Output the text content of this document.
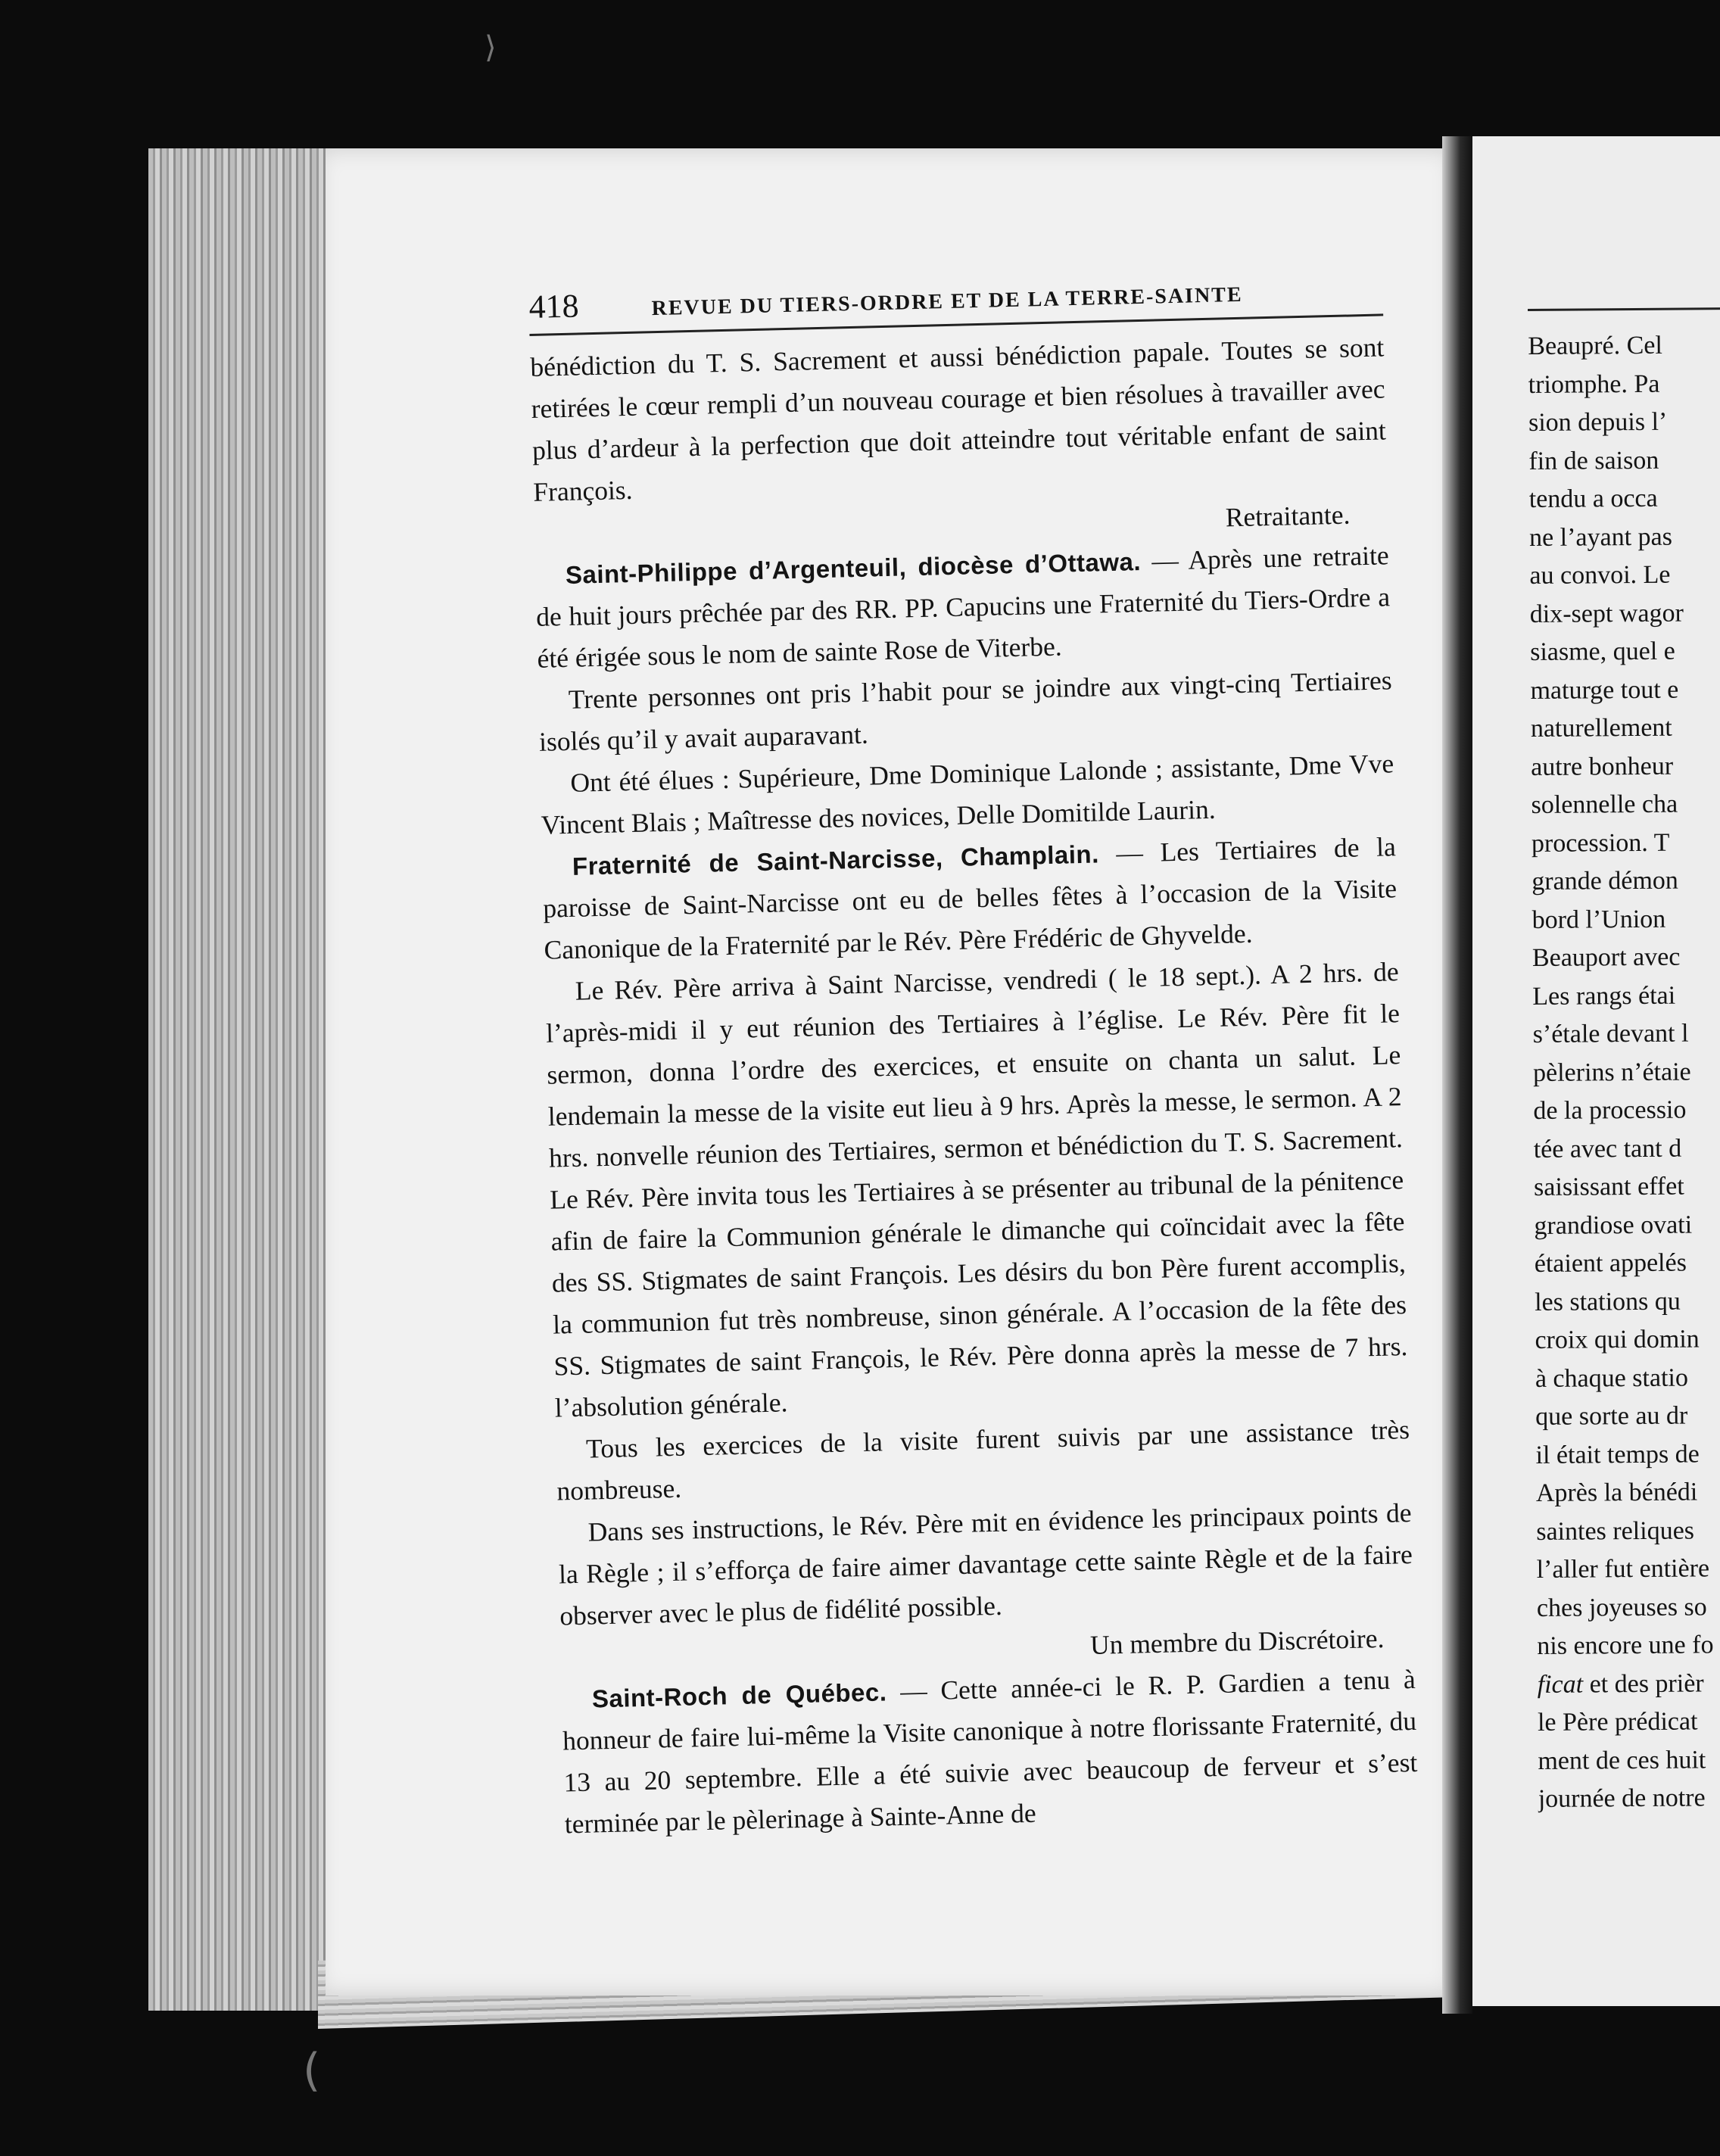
⟩
(
418	REVUE DU TIERS-ORDRE ET DE LA TERRE-SAINTE

bénédiction du T. S. Sacrement et aussi bénédiction papale. Toutes se sont retirées le cœur rempli d’un nouveau courage et bien résolues à travailler avec plus d’ardeur à la perfection que doit atteindre tout véritable enfant de saint François.

Retraitante.

Saint-Philippe d’Argenteuil, diocèse d’Ottawa. — Après une retraite de huit jours prêchée par des RR. PP. Capucins une Fraternité du Tiers-Ordre a été érigée sous le nom de sainte Rose de Viterbe.

Trente personnes ont pris l’habit pour se joindre aux vingt-cinq Tertiaires isolés qu’il y avait auparavant.

Ont été élues : Supérieure, Dme Dominique Lalonde ; assistante, Dme Vve Vincent Blais ; Maîtresse des novices, Delle Domitilde Laurin.

Fraternité de Saint-Narcisse, Champlain. — Les Tertiaires de la paroisse de Saint-Narcisse ont eu de belles fêtes à l’occasion de la Visite Canonique de la Fraternité par le Rév. Père Frédéric de Ghyvelde.

Le Rév. Père arriva à Saint Narcisse, vendredi ( le 18 sept.). A 2 hrs. de l’après-midi il y eut réunion des Tertiaires à l’église. Le Rév. Père fit le sermon, donna l’ordre des exercices, et ensuite on chanta un salut. Le lendemain la messe de la visite eut lieu à 9 hrs. Après la messe, le sermon. A 2 hrs. nonvelle réunion des Tertiaires, sermon et bénédiction du T. S. Sacrement. Le Rév. Père invita tous les Tertiaires à se présenter au tribunal de la pénitence afin de faire la Communion générale le dimanche qui coïncidait avec la fête des SS. Stigmates de saint François. Les désirs du bon Père furent accomplis, la communion fut très nombreuse, sinon générale. A l’occasion de la fête des SS. Stigmates de saint François, le Rév. Père donna après la messe de 7 hrs. l’absolution générale.

Tous les exercices de la visite furent suivis par une assistance très nombreuse.

Dans ses instructions, le Rév. Père mit en évidence les principaux points de la Règle ; il s’efforça de faire aimer davantage cette sainte Règle et de la faire observer avec le plus de fidélité possible.

Un membre du Discrétoire.

Saint-Roch de Québec. — Cette année-ci le R. P. Gardien a tenu à honneur de faire lui-même la Visite canonique à notre florissante Fraternité, du 13 au 20 septembre. Elle a été suivie avec beaucoup de ferveur et s’est terminée par le pèlerinage à Sainte-Anne de

Beaupré. Cel

triomphe. Pa

sion depuis l’

fin de saison

tendu a occa

ne l’ayant pas

au convoi. Le

dix-sept wagor

siasme, quel e

maturge tout e

naturellement

autre bonheur

solennelle cha

procession. T

grande démon

bord l’Union

Beauport avec

Les rangs étai

s’étale devant l

pèlerins n’étaie

de la processio

tée avec tant d

saisissant effet

grandiose ovati

étaient appelés

les stations qu

croix qui domin

à chaque statio

que sorte au dr

il était temps de

Après la bénédi

saintes reliques

l’aller fut entière

ches joyeuses so

nis encore une fo

ficat et des prièr

le Père prédicat

ment de ces huit

journée de notre
